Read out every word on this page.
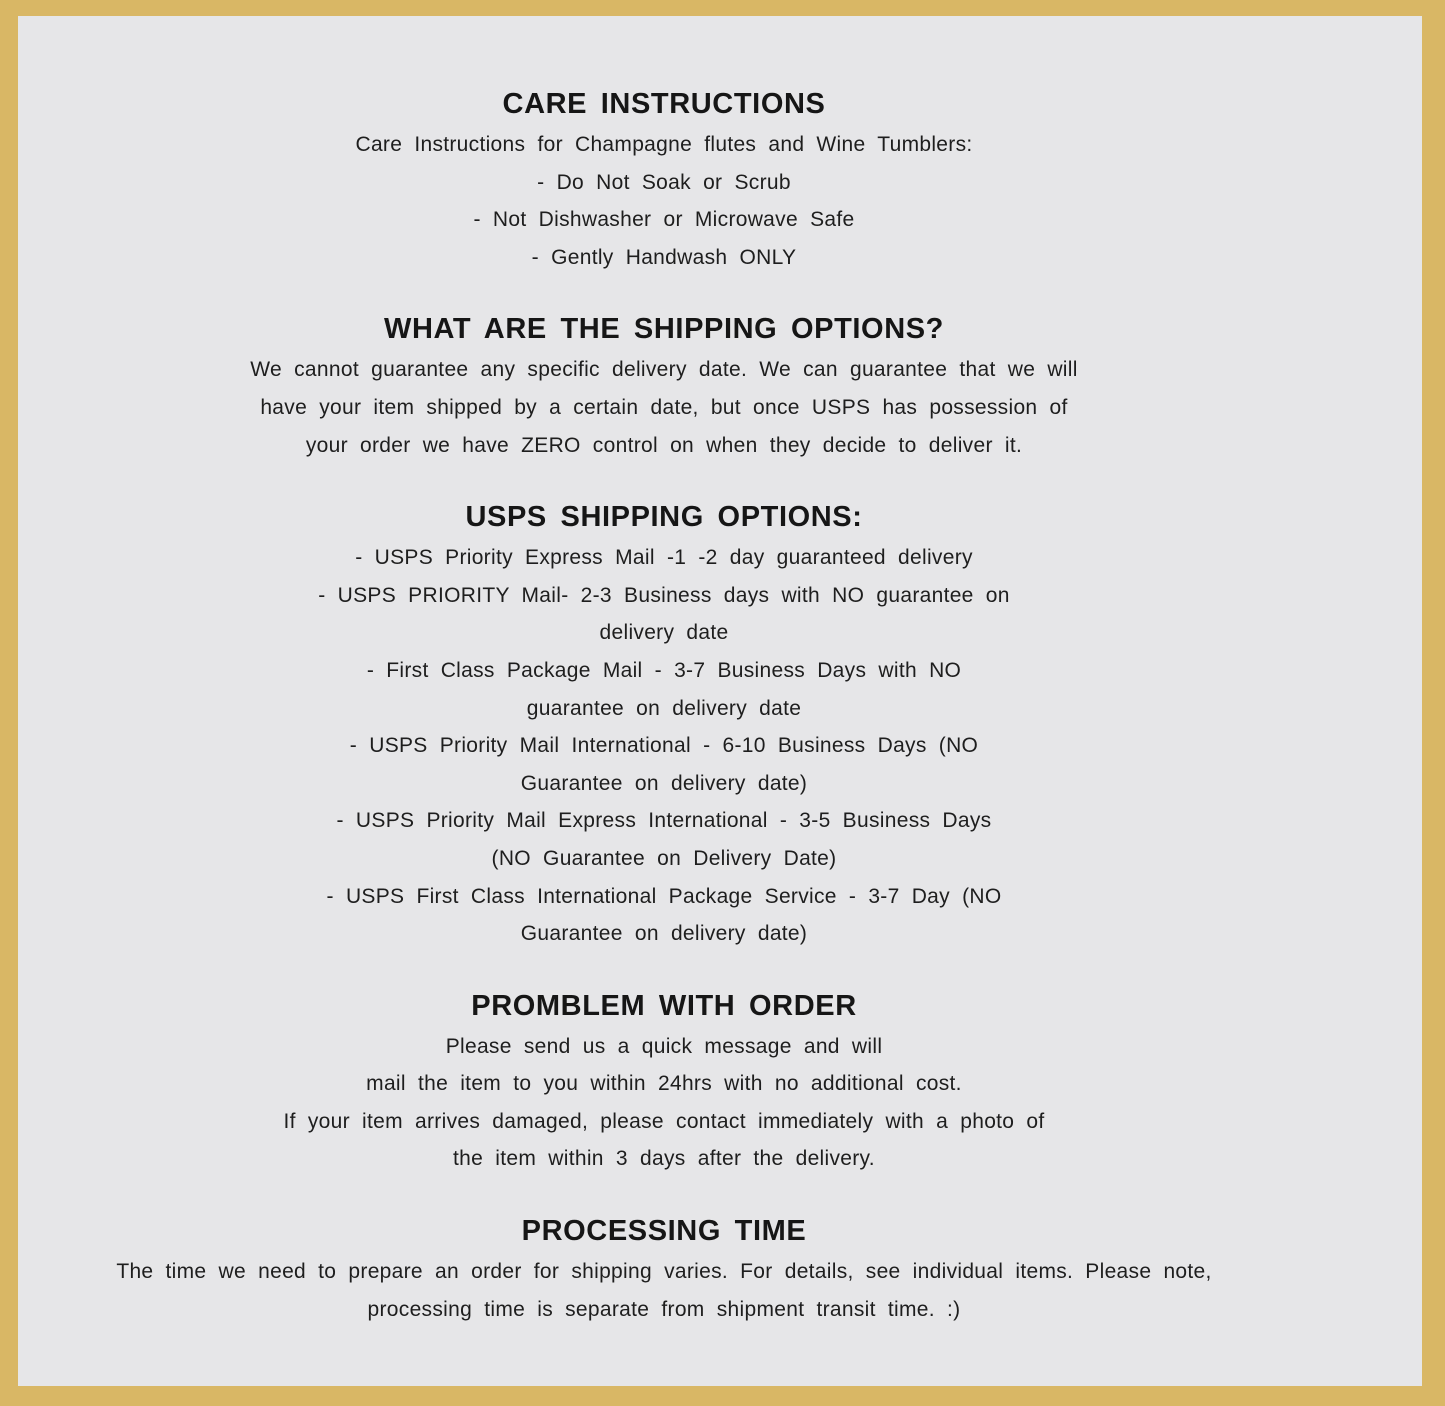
CARE INSTRUCTIONS
Care Instructions for Champagne flutes and Wine Tumblers:
- Do Not Soak or Scrub
- Not Dishwasher or Microwave Safe
- Gently Handwash ONLY
WHAT ARE THE SHIPPING OPTIONS?
We cannot guarantee any specific delivery date. We can guarantee that we will
have your item shipped by a certain date, but once USPS has possession of
your order we have ZERO control on when they decide to deliver it.
USPS SHIPPING OPTIONS:
- USPS Priority Express Mail -1 -2 day guaranteed delivery
- USPS PRIORITY Mail- 2-3 Business days with NO guarantee on
delivery date
- First Class Package Mail - 3-7 Business Days with NO
guarantee on delivery date
- USPS Priority Mail International - 6-10 Business Days (NO
Guarantee on delivery date)
- USPS Priority Mail Express International - 3-5 Business Days
(NO Guarantee on Delivery Date)
- USPS First Class International Package Service - 3-7 Day (NO
Guarantee on delivery date)
PROMBLEM WITH ORDER
Please send us a quick message and will
mail the item to you within 24hrs with no additional cost.
If your item arrives damaged, please contact immediately with a photo of
the item within 3 days after the delivery.
PROCESSING TIME
The time we need to prepare an order for shipping varies. For details, see individual items. Please note,
processing time is separate from shipment transit time. :)
